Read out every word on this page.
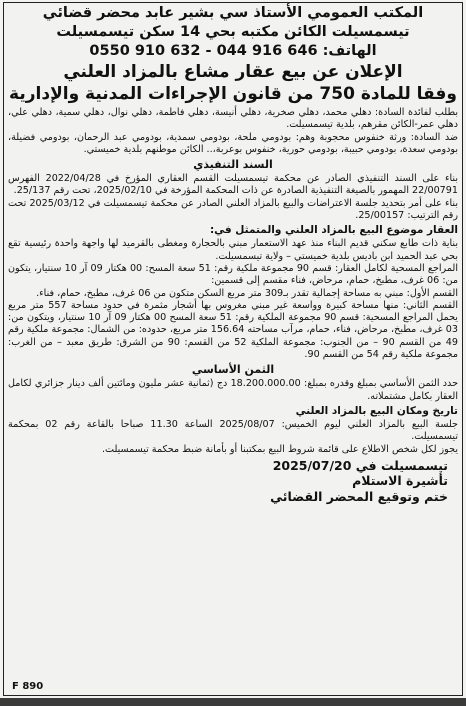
المكتب العمومي الأستاذ سي بشير عابد محضر قضائي

تيسمسيلت الكائن مكتبه بحي 14 سكن تيسمسيلت

الهاتف: 646 916 044 - 632 910 0550

الإعلان عن بيع عقار مشاع بالمزاد العلني

وفقا للمادة 750 من قانون الإجراءات المدنية والإدارية

بطلب لفائدة السادة: دهلي محمد، دهلي صخرية، دهلي أنيسة، دهلي فاطمة، دهلي نوال، دهلي سمية، دهلي علي، دهلي عمر-الكائن مقرهم، بلدية تيسمسيلت.

ضد السادة: ورثة خنفوس محجوبة وهم: بودومي ملحة، بودومي سمدية، بودومي عبد الرحمان، بودومي فضيلة، بودومي سعدة، بودومي حبيبة، بودومي حورية، خنفوس بوعربة،.. الكائن موطنهم بلدية خميستي.

السند التنفيذي

بناء على السند التنفيذي الصادر عن محكمة تيسمسيلت القسم العقاري المؤرخ في 2022/04/28 الفهرس 22/00791 المهمور بالصيغة التنفيذية الصادرة عن ذات المحكمة المؤرخة في 2025/02/10، تحت رقم 25/137.

بناء على أمر بتحديد جلسة الاعتراضات والبيع بالمزاد العلني الصادر عن محكمة تيسمسيلت في 2025/03/12 تحت رقم الترتيب: 25/00157.

العقار موضوع البيع بالمزاد العلني والمتمثل في:

بناية ذات طابع سكني قديم البناء منذ عهد الاستعمار مبني بالحجارة ومغطى بالقرميد لها واجهة واحدة رئيسية تقع بحي عبد الحميد ابن باديس بلدية خميستي – ولاية تيسمسيلت.

المراجع المسحية لكامل العقار: قسم 90 مجموعة ملكية رقم: 51 سعة المسح: 00 هكتار 09 آر 10 سنتيار، يتكون من: 06 غرف، مطبخ، حمام، مرحاض، فناء مقسم إلى قسمين:

القسم الأول: مبني به مساحة إجمالية تقدر بـ309 متر مربع السكن متكون من 06 غرف، مطبخ، حمام، فناء.

القسم الثاني: منها مساحة كبيرة وواسعة غير مبني مغروس بها أشجار مثمرة في حدود مساحة 557 متر مربع يحمل المراجع المسحية: قسم 90 مجموعة الملكية رقم: 51 سعة المسح 00 هكتار 09 آر 10 سنتيار، ويتكون من: 03 غرف، مطبخ، مرحاض، فناء، حمام، مرآب مساحته 156.64 متر مربع، حدوده: من الشمال: مجموعة ملكية رقم 49 من القسم 90 – من الجنوب: مجموعة الملكية 52 من القسم: 90 من الشرق: طريق معبد – من الغرب: مجموعة ملكية رقم 54 من القسم 90.

الثمن الأساسي

حدد الثمن الأساسي بمبلغ وقدره بمبلغ: 18.200.000.00 دج (ثمانية عشر مليون ومائتين ألف دينار جزائري لكامل العقار بكامل مشتملاته.

تاريخ ومكان البيع بالمزاد العلني

جلسة البيع بالمزاد العلني ليوم الخميس: 2025/08/07 الساعة 11.30 صباحا بالقاعة رقم 02 بمحكمة تيسمسيلت.

يجوز لكل شخص الاطلاع على قائمة شروط البيع بمكتبنا أو بأمانة ضبط محكمة تيسمسيلت.

تيسمسيلت في 2025/07/20

تأشيرة الاستلام

ختم وتوقيع المحضر القضائي

F 890
